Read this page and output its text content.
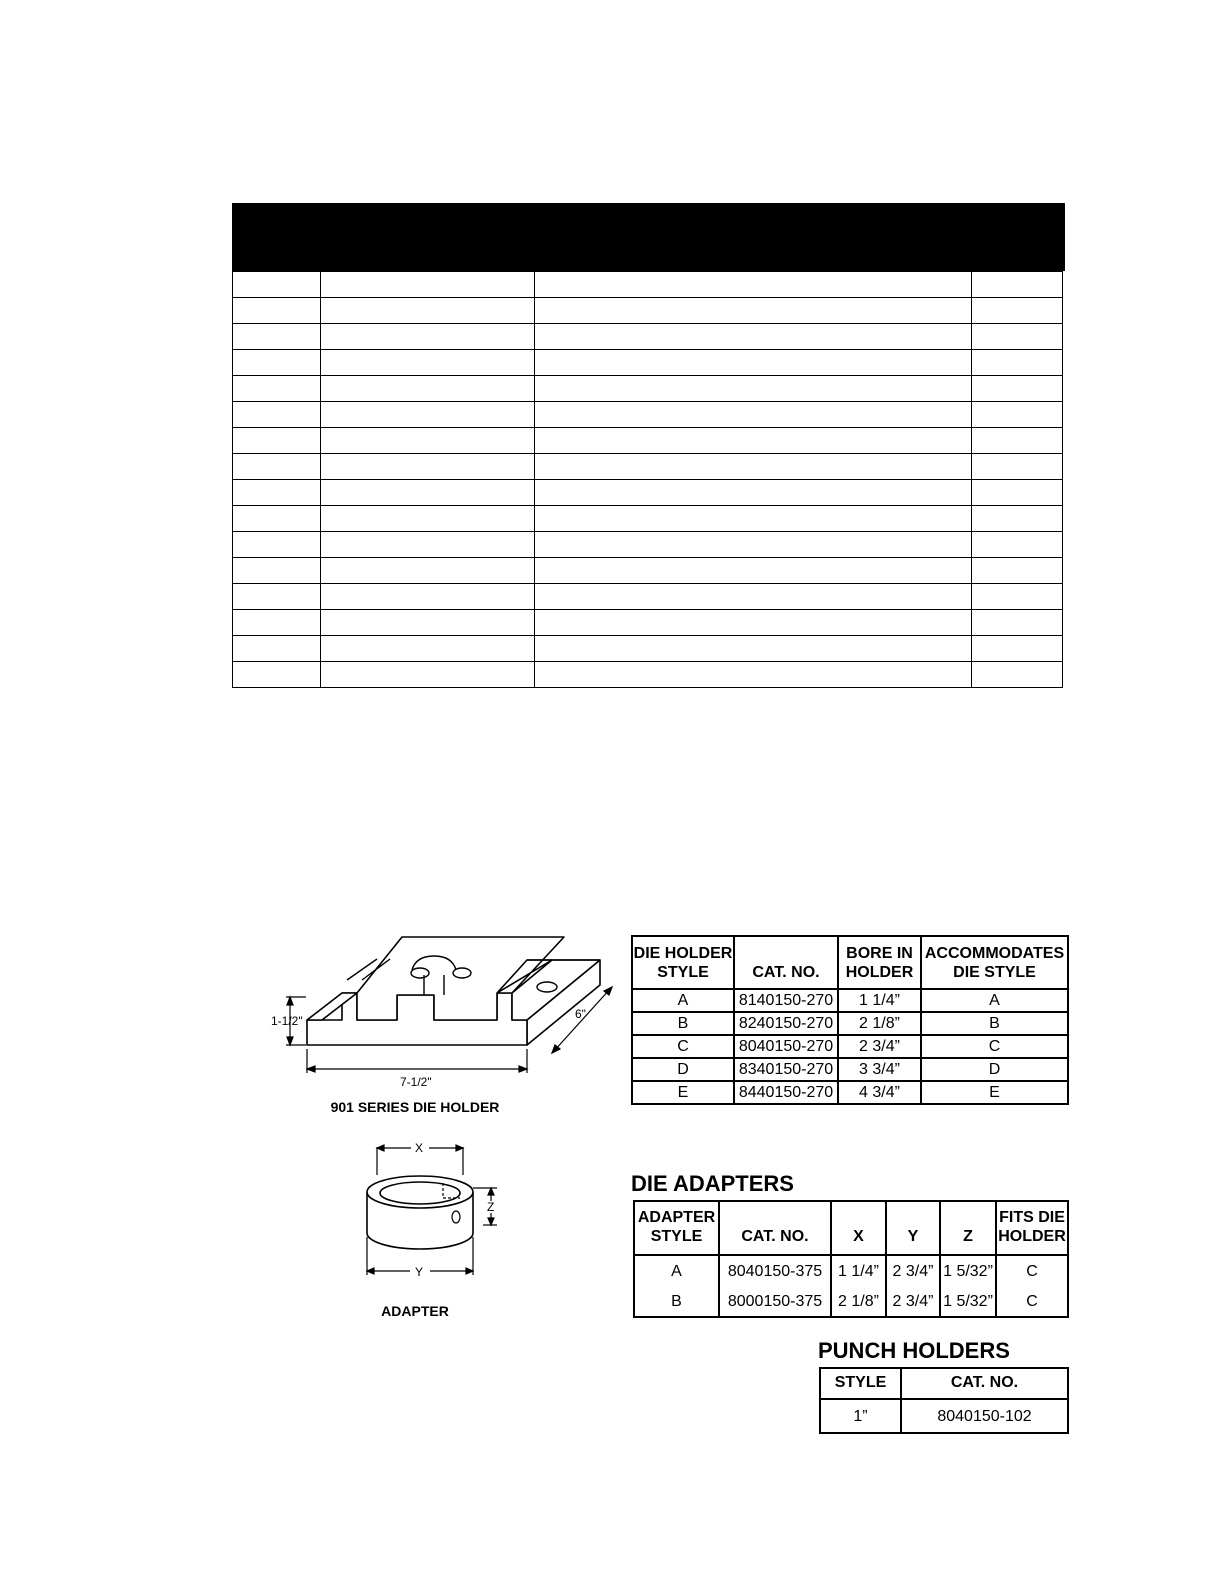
1-1/2"
7-1/2"
6"
901 SERIES DIE HOLDER
X
Z
Y
ADAPTER
DIE HOLDER
STYLE	CAT. NO.	BORE IN
HOLDER	ACCOMMODATES
DIE STYLE
A	8140150-270	1 1/4”	A
B	8240150-270	2 1/8”	B
C	8040150-270	2 3/4”	C
D	8340150-270	3 3/4”	D
E	8440150-270	4 3/4”	E
DIE ADAPTERS
ADAPTER
STYLE	CAT. NO.	X	Y	Z	FITS DIE
HOLDER
A	8040150-375	1 1/4”	2 3/4”	1 5/32”	C
B	8000150-375	2 1/8”	2 3/4”	1 5/32”	C
PUNCH HOLDERS
STYLE	CAT. NO.
1”	8040150-102
